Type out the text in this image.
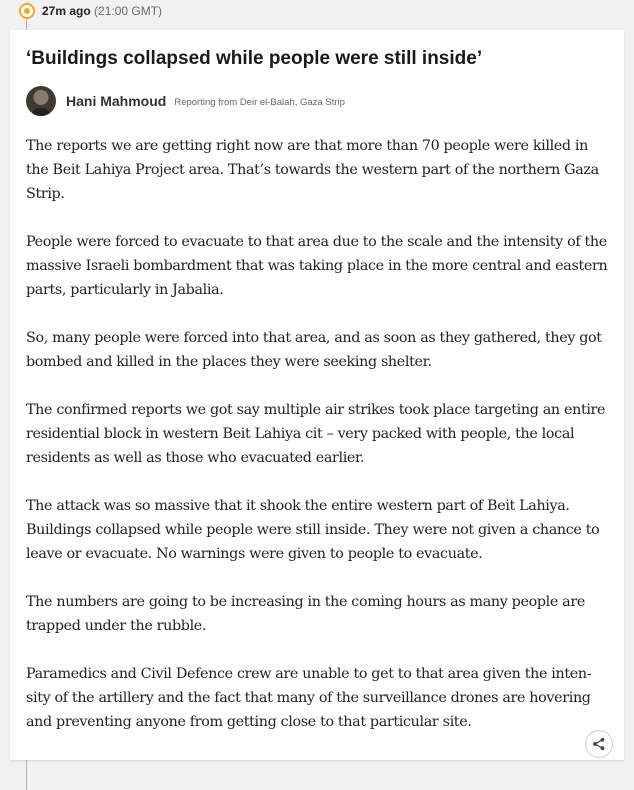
27m ago (21:00 GMT)
‘Buildings collapsed while people were still inside’
Hani Mahmoud Reporting from Deir el-Balah, Gaza Strip

The reports we are getting right now are that more than 70 people were killed in the Beit Lahiya Project area. That’s towards the western part of the northern Gaza Strip.

People were forced to evacuate to that area due to the scale and the intensity of the massive Israeli bombardment that was taking place in the more central and eastern parts, particularly in Jabalia.

So, many people were forced into that area, and as soon as they gathered, they got bombed and killed in the places they were seeking shelter.

The confirmed reports we got say multiple air strikes took place targeting an entire residential block in western Beit Lahiya cit – very packed with people, the local residents as well as those who evacuated earlier.

The attack was so massive that it shook the entire western part of Beit Lahiya. Buildings collapsed while people were still inside. They were not given a chance to leave or evacuate. No warnings were given to people to evacuate.

The numbers are going to be increasing in the coming hours as many people are trapped under the rubble.

Paramedics and Civil Defence crew are unable to get to that area given the intensity of the artillery and the fact that many of the surveillance drones are hovering and preventing anyone from getting close to that particular site.
